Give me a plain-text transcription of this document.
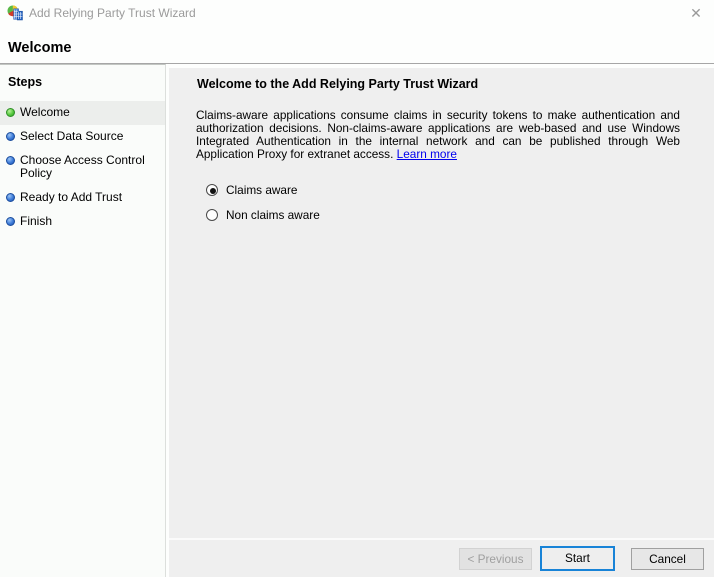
Add Relying Party Trust Wizard	✕
Welcome
Steps
Welcome
Select Data Source
Choose Access Control Policy
Ready to Add Trust
Finish
Welcome to the Add Relying Party Trust Wizard
Claims-aware applications consume claims in security tokens to make authentication and authorization decisions. Non-claims-aware applications are web-based and use Windows Integrated Authentication in the internal network and can be published through Web Application Proxy for extranet access. Learn more
Claims aware
Non claims aware
< Previous	Start	Cancel
